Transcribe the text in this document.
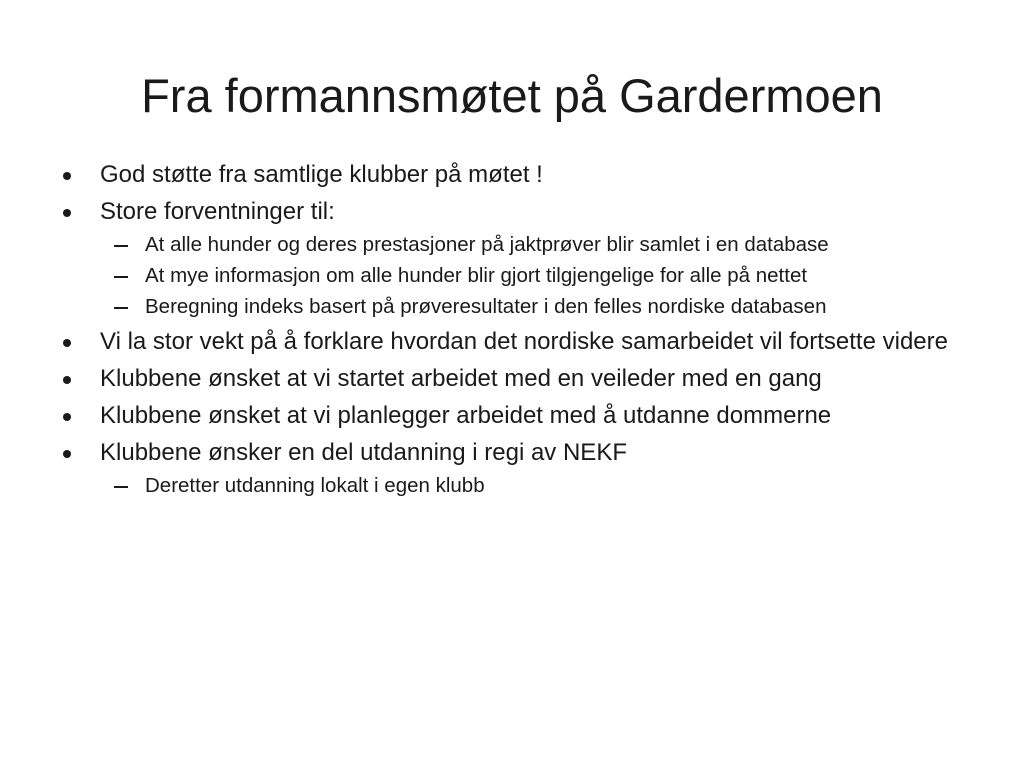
Fra formannsmøtet på Gardermoen
God støtte fra samtlige klubber på møtet !
Store forventninger til:
At alle hunder og deres prestasjoner på jaktprøver blir samlet i en database
At mye informasjon om alle hunder blir gjort tilgjengelige for alle på nettet
Beregning indeks basert på prøveresultater i den felles nordiske databasen
Vi la stor vekt på å forklare hvordan det nordiske samarbeidet vil fortsette videre
Klubbene ønsket at vi startet arbeidet med en veileder med en gang
Klubbene ønsket at vi planlegger arbeidet med å utdanne dommerne
Klubbene ønsker en del utdanning i regi av NEKF
Deretter utdanning lokalt i egen klubb
